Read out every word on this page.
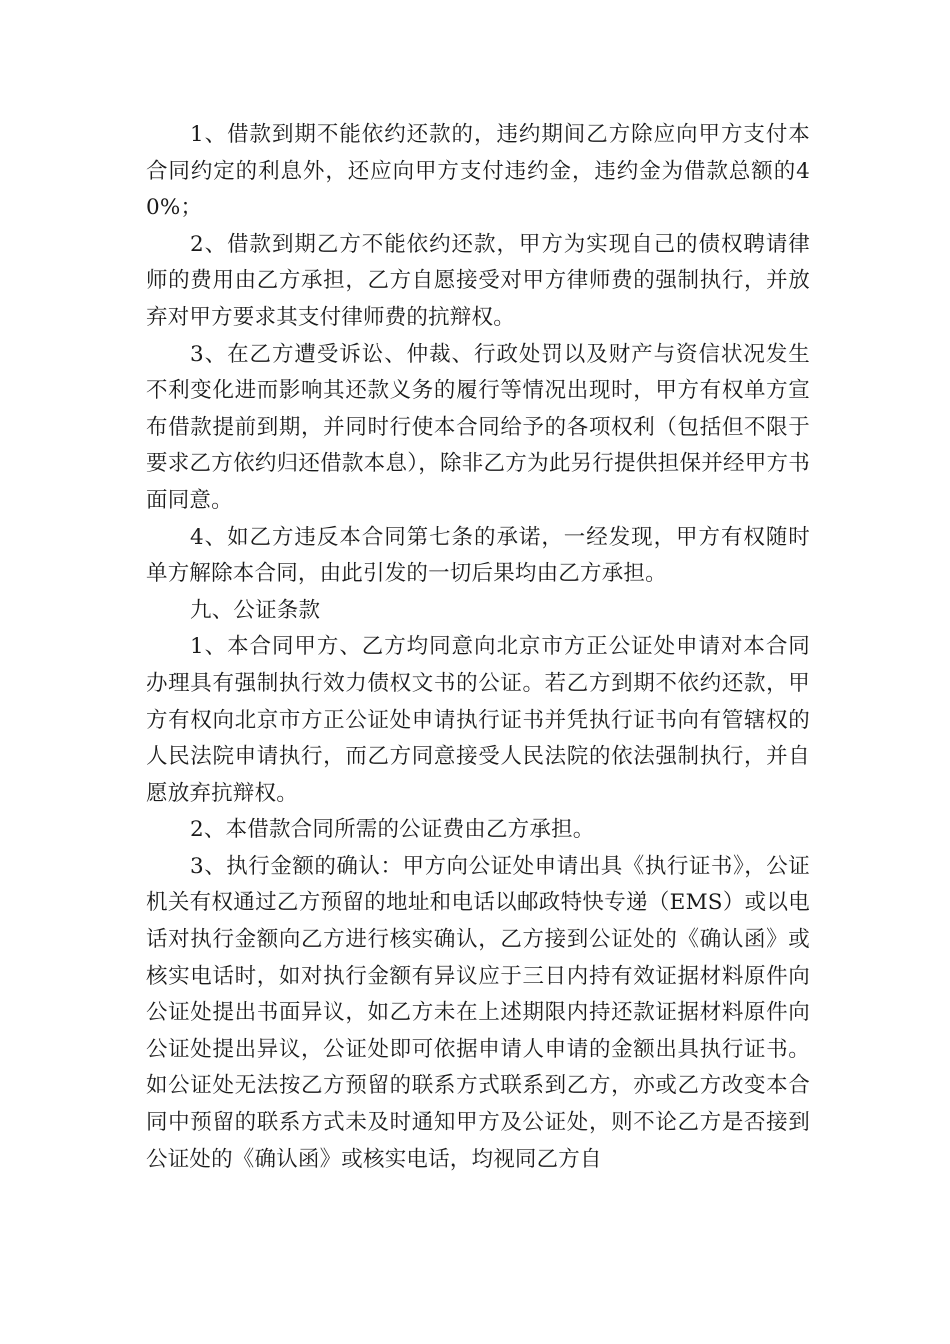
1、借款到期不能依约还款的，违约期间乙方除应向甲方支付本合同约定的利息外，还应向甲方支付违约金，违约金为借款总额的40%；

2、借款到期乙方不能依约还款，甲方为实现自己的债权聘请律师的费用由乙方承担，乙方自愿接受对甲方律师费的强制执行，并放弃对甲方要求其支付律师费的抗辩权。

3、在乙方遭受诉讼、仲裁、行政处罚以及财产与资信状况发生不利变化进而影响其还款义务的履行等情况出现时，甲方有权单方宣布借款提前到期，并同时行使本合同给予的各项权利（包括但不限于要求乙方依约归还借款本息），除非乙方为此另行提供担保并经甲方书面同意。

4、如乙方违反本合同第七条的承诺，一经发现，甲方有权随时单方解除本合同，由此引发的一切后果均由乙方承担。

九、公证条款

1、本合同甲方、乙方均同意向北京市方正公证处申请对本合同办理具有强制执行效力债权文书的公证。若乙方到期不依约还款，甲方有权向北京市方正公证处申请执行证书并凭执行证书向有管辖权的人民法院申请执行，而乙方同意接受人民法院的依法强制执行，并自愿放弃抗辩权。

2、本借款合同所需的公证费由乙方承担。

3、执行金额的确认：甲方向公证处申请出具《执行证书》，公证机关有权通过乙方预留的地址和电话以邮政特快专递（EMS）或以电话对执行金额向乙方进行核实确认，乙方接到公证处的《确认函》或核实电话时，如对执行金额有异议应于三日内持有效证据材料原件向公证处提出书面异议，如乙方未在上述期限内持还款证据材料原件向公证处提出异议，公证处即可依据申请人申请的金额出具执行证书。如公证处无法按乙方预留的联系方式联系到乙方，亦或乙方改变本合同中预留的联系方式未及时通知甲方及公证处，则不论乙方是否接到公证处的《确认函》或核实电话，均视同乙方自
